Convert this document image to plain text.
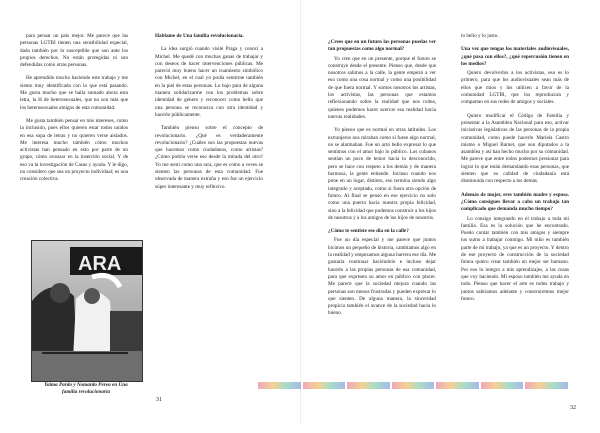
para pensar un país mejor. Me parece que las personas LGTBI tienen una sensibilidad especial, dada también por lo susceptible que son ante los propios derechos. No están protegidas ni son defendidas como otras personas.

He aprendido mucho haciendo este trabajo y me siento muy identificada con lo que está pasando. Me gusta mucho que se halla sumado ahora esta letra, la H de heterosexuales, que no son más que los heterosexuales amigos de esta comunidad.

Me gusta también pensar en mis intereses, como la inclusión, pues ellos quieren estar todos unidos en esa sopa de letras y no quieren verse aislados. Me interesa mucho también cómo muchos activistas han pensado en esto por parte de un grupo, cómo avanzar en la inserción social. Y de eso va la investigación de Casas y ayuda. Y le digo, no considero que sea un proyecto individual; es una creación colectiva.

Hablame de Una familia revolucionaria.

La idea surgió cuando visité Praga y conocí a Michel. Me quedé con muchas ganas de trabajar y con deseos de hacer intervenciones públicas. Me pareció muy bueno hacer un cuamiento simbólico con Michel, en el cual yo podía sentirme también en la piel de estas personas. Lo bajo para de alguna manera solidarizarme con los problemas sobre identidad de género y reconocer como bello que una persona se reconozca con otra identidad y hacerlo públicamente.

También pienso sobre el concepto de revolucionario. ¿Qué es verdaderamente revolucionario? ¿Cuáles son las propuestas nuevas que hacemos como ciudadanos, como artistas? ¿Cómo podría verse eso desde la mirada del otro? Yo me sentí como una rara, que es como a veces se sienten las personas de esta comunidad. Fue observada de manera extraña y eso fue un ejercicio súper interesante y muy reflexivo.

ARA
Yaima Pardo y Nomardo Perea en Una familia revolucionaria
31

¿Crees que en un futuro las personas puedas ver tan propuestas como algo normal?

Yo creo que en un presente, porque el futuro se construye desde el presente. Pienso que, desde que nosotros salimos a la calle, la gente empezó a ver eso como una cosa normal y como una posibilidad de que fuera normal. Y somos nosotros los artistas, los activistas, las personas que estamos reflexionando sobre la realidad que nos rodea, quienes podemos hacer acercar esa realidad hacia nuevas realidades.

Yo pienso que es normal en otras latitudes. Los extranjeros nos miraban como si fuese algo normal, no se alarmaban. Fue un acto bello expresar lo que sentimos con el amor bajo lo público. Los cubanos sentían un poco de temor hacia lo desconocido, pero se hace con respeto a los demás y de manera hermosa, la gente entiende. Incluso cuando nos pone en un lugar, distinto, eso termina siendo algo integrado y aceptado, como si fuera otra opción de futuro. Al final se pensó en ese ejercicio no solo como una puerta hacia nuestra propia felicidad, sino a la felicidad que podemos construir a los hijos de nosotros y a los amigos de los hijos de nosotros.

¿Cómo te sentiste ese día en la calle?

Fue un día especial y me parece que juntos hicimos un pequeño de historia, cambiamos algo en la realidad y empezamos alguna barrera ese día. Me gustaría continuar haciéndolo e incluso dejar hacerlo a las propias personas de esa comunidad, para que expresen su amor en público con placer. Me parece que la sociedad mejora cuando las personas son menos frustradas y pueden expresar lo que sienten. De alguna manera, la sinceridad propicia también el avance de la sociedad hacia lo bueno.

lo bello y lo justo.

Una vez que tengas los materiales audiovisuales, ¿qué pasa con ellos?, ¿qué repercusión tienen en los medios?

Quiero devolverlos a los activistas, eso es lo primero, para que los audiovisuales sean más de ellos que míos y los utilicen a favor de la comunidad LGTBI, que los reproduzcan y compartan en sus redes de amigos y sociales.

Quiero modificar el Código de Familia y presentar a la Asamblea Nacional para eso, activar iniciativas legislativas de las personas de la propia comunidad, como puede hacerlo Mariela Castro mismo o Miguel Barnet, que son diputados a la asamblea y así han hecho mucho por su comunidad. Me parece que entre todos podemos presionar para lograr lo que están demandando esas personas, que sienten que su calidad de ciudadanía está disminuida con respecto a los demás.

Además de mujer, eres también madre y esposa. ¿Cómo consigues llevar a cabo un trabajo tan complicado que demanda mucho tiempo?

Lo consigo integrando en el trabajo a toda mi familia. Esa es la solución que he encontrado. Puedo contar también con mis amigos y siempre los sumo a trabajar conmigo. Mi niño es también parte de mi trabajo, ya que es un proyecto. Y dentro de ese proyecto de construcción de la sociedad futura quiero crear también un mejor ser humano. Por eso lo integro a mis aprendizajes, a las cosas que voy haciendo. Mi esposo también me ayuda en todo. Pienso que hacer el arte es todos trabajo y juntos sabríamos adelante y construiremos mejor futuro.

32
